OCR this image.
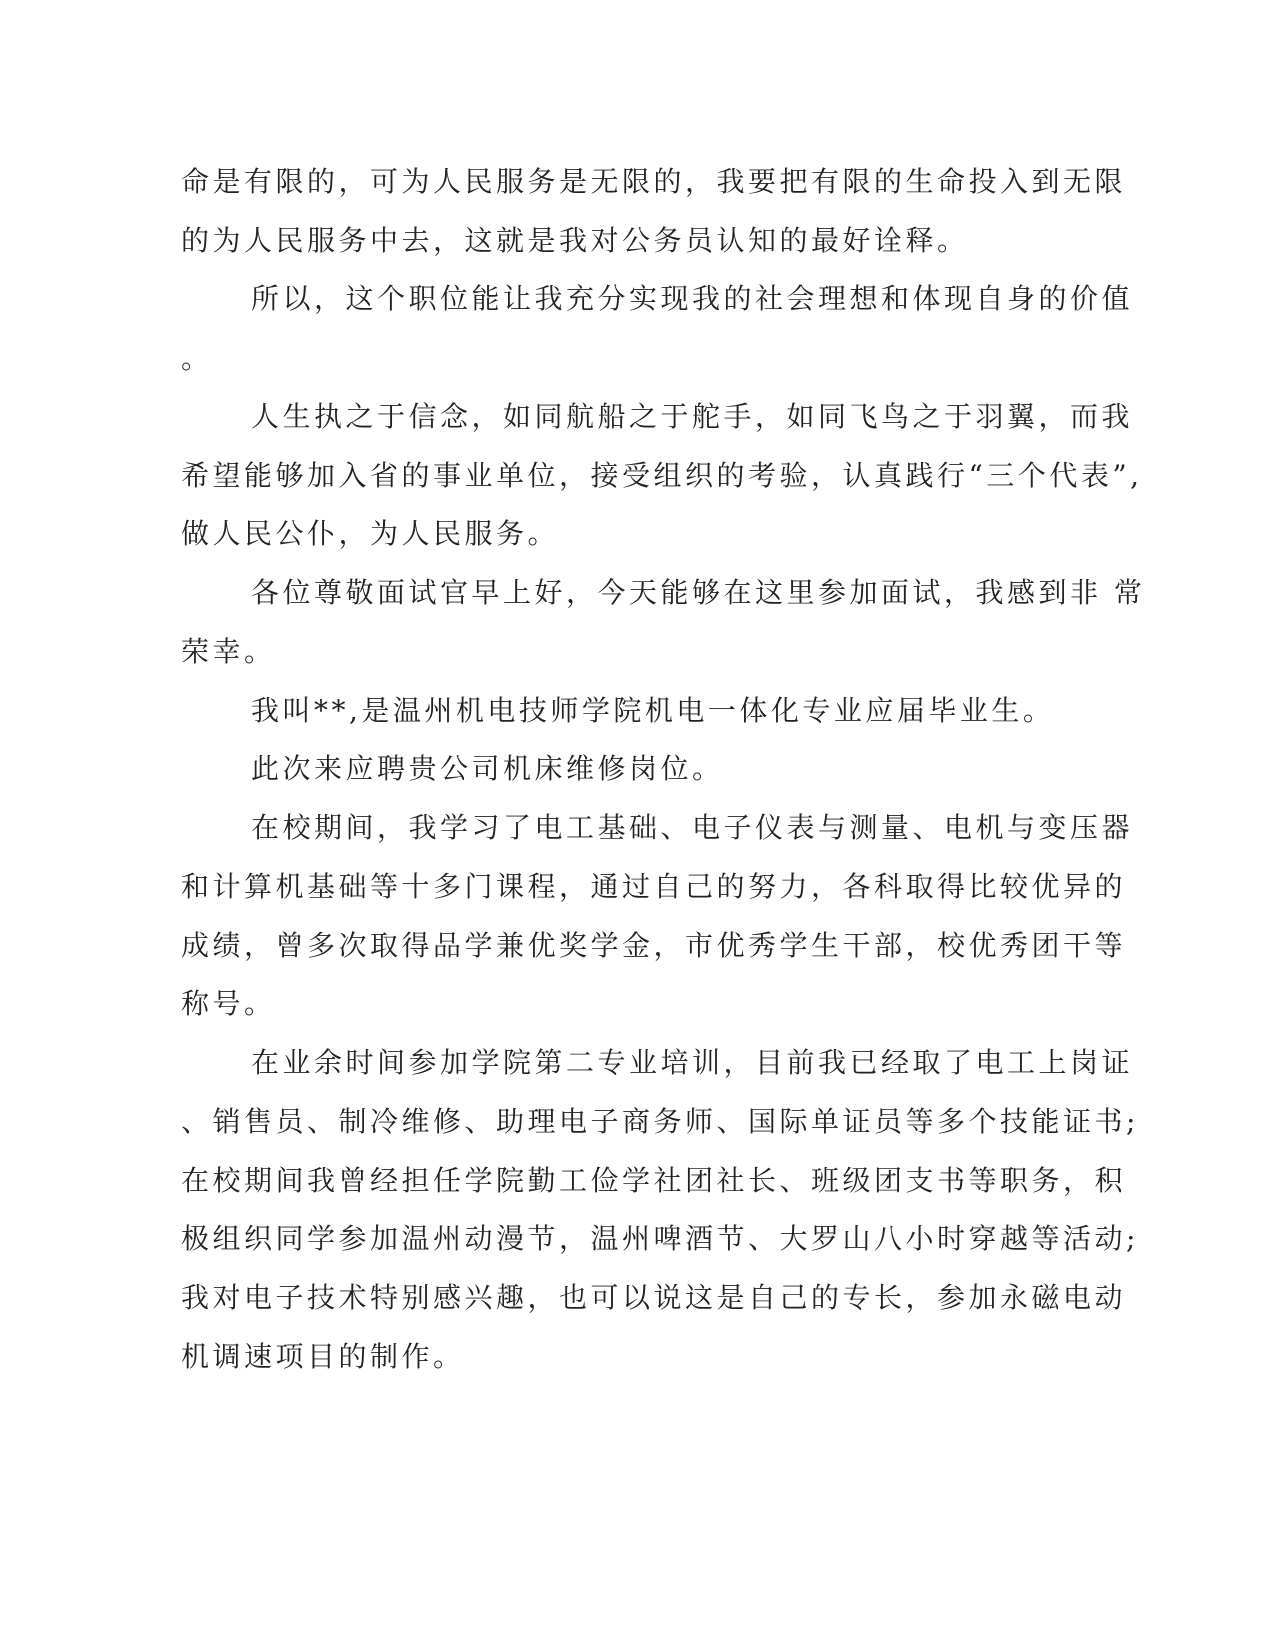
命是有限的，可为人民服务是无限的，我要把有限的生命投入到无限

的为人民服务中去，这就是我对公务员认知的最好诠释。

所以，这个职位能让我充分实现我的社会理想和体现自身的价值

。

人生执之于信念，如同航船之于舵手，如同飞鸟之于羽翼，而我

希望能够加入省的事业单位，接受组织的考验，认真践行“三个代表”,

做人民公仆，为人民服务。

各位尊敬面试官早上好，今天能够在这里参加面试，我感到非 常

荣幸。

我叫**,是温州机电技师学院机电一体化专业应届毕业生。

此次来应聘贵公司机床维修岗位。

在校期间，我学习了电工基础、电子仪表与测量、电机与变压器

和计算机基础等十多门课程，通过自己的努力，各科取得比较优异的

成绩，曾多次取得品学兼优奖学金，市优秀学生干部，校优秀团干等

称号。

在业余时间参加学院第二专业培训，目前我已经取了电工上岗证

、销售员、制冷维修、助理电子商务师、国际单证员等多个技能证书;

在校期间我曾经担任学院勤工俭学社团社长、班级团支书等职务，积

极组织同学参加温州动漫节，温州啤酒节、大罗山八小时穿越等活动;

我对电子技术特别感兴趣，也可以说这是自己的专长，参加永磁电动

机调速项目的制作。
